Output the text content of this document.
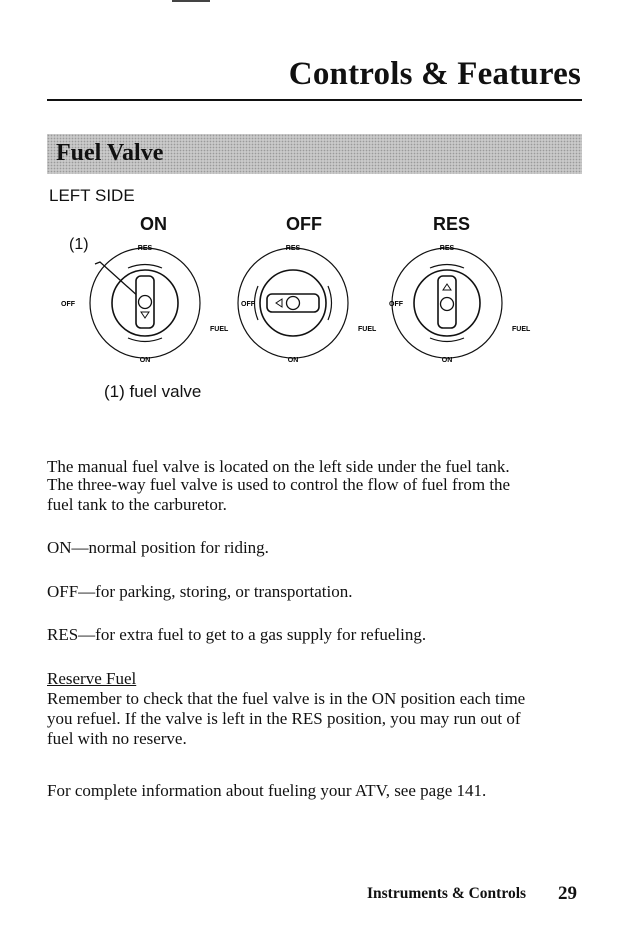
Controls & Features
Fuel Valve
LEFT SIDE
ON	OFF	RES
(1)	RES
OFF
FUEL
ON
RES
OFF
FUEL
ON
RES
OFF
FUEL
ON
(1) fuel valve

The manual fuel valve is located on the left side under the fuel tank.

The three-way fuel valve is used to control the flow of fuel from the

fuel tank to the carburetor.

ON—normal position for riding.

OFF—for parking, storing, or transportation.

RES—for extra fuel to get to a gas supply for refueling.

Reserve Fuel

Remember to check that the fuel valve is in the ON position each time

you refuel. If the valve is left in the RES position, you may run out of

fuel with no reserve.

For complete information about fueling your ATV, see page 141.

Instruments & Controls 29
